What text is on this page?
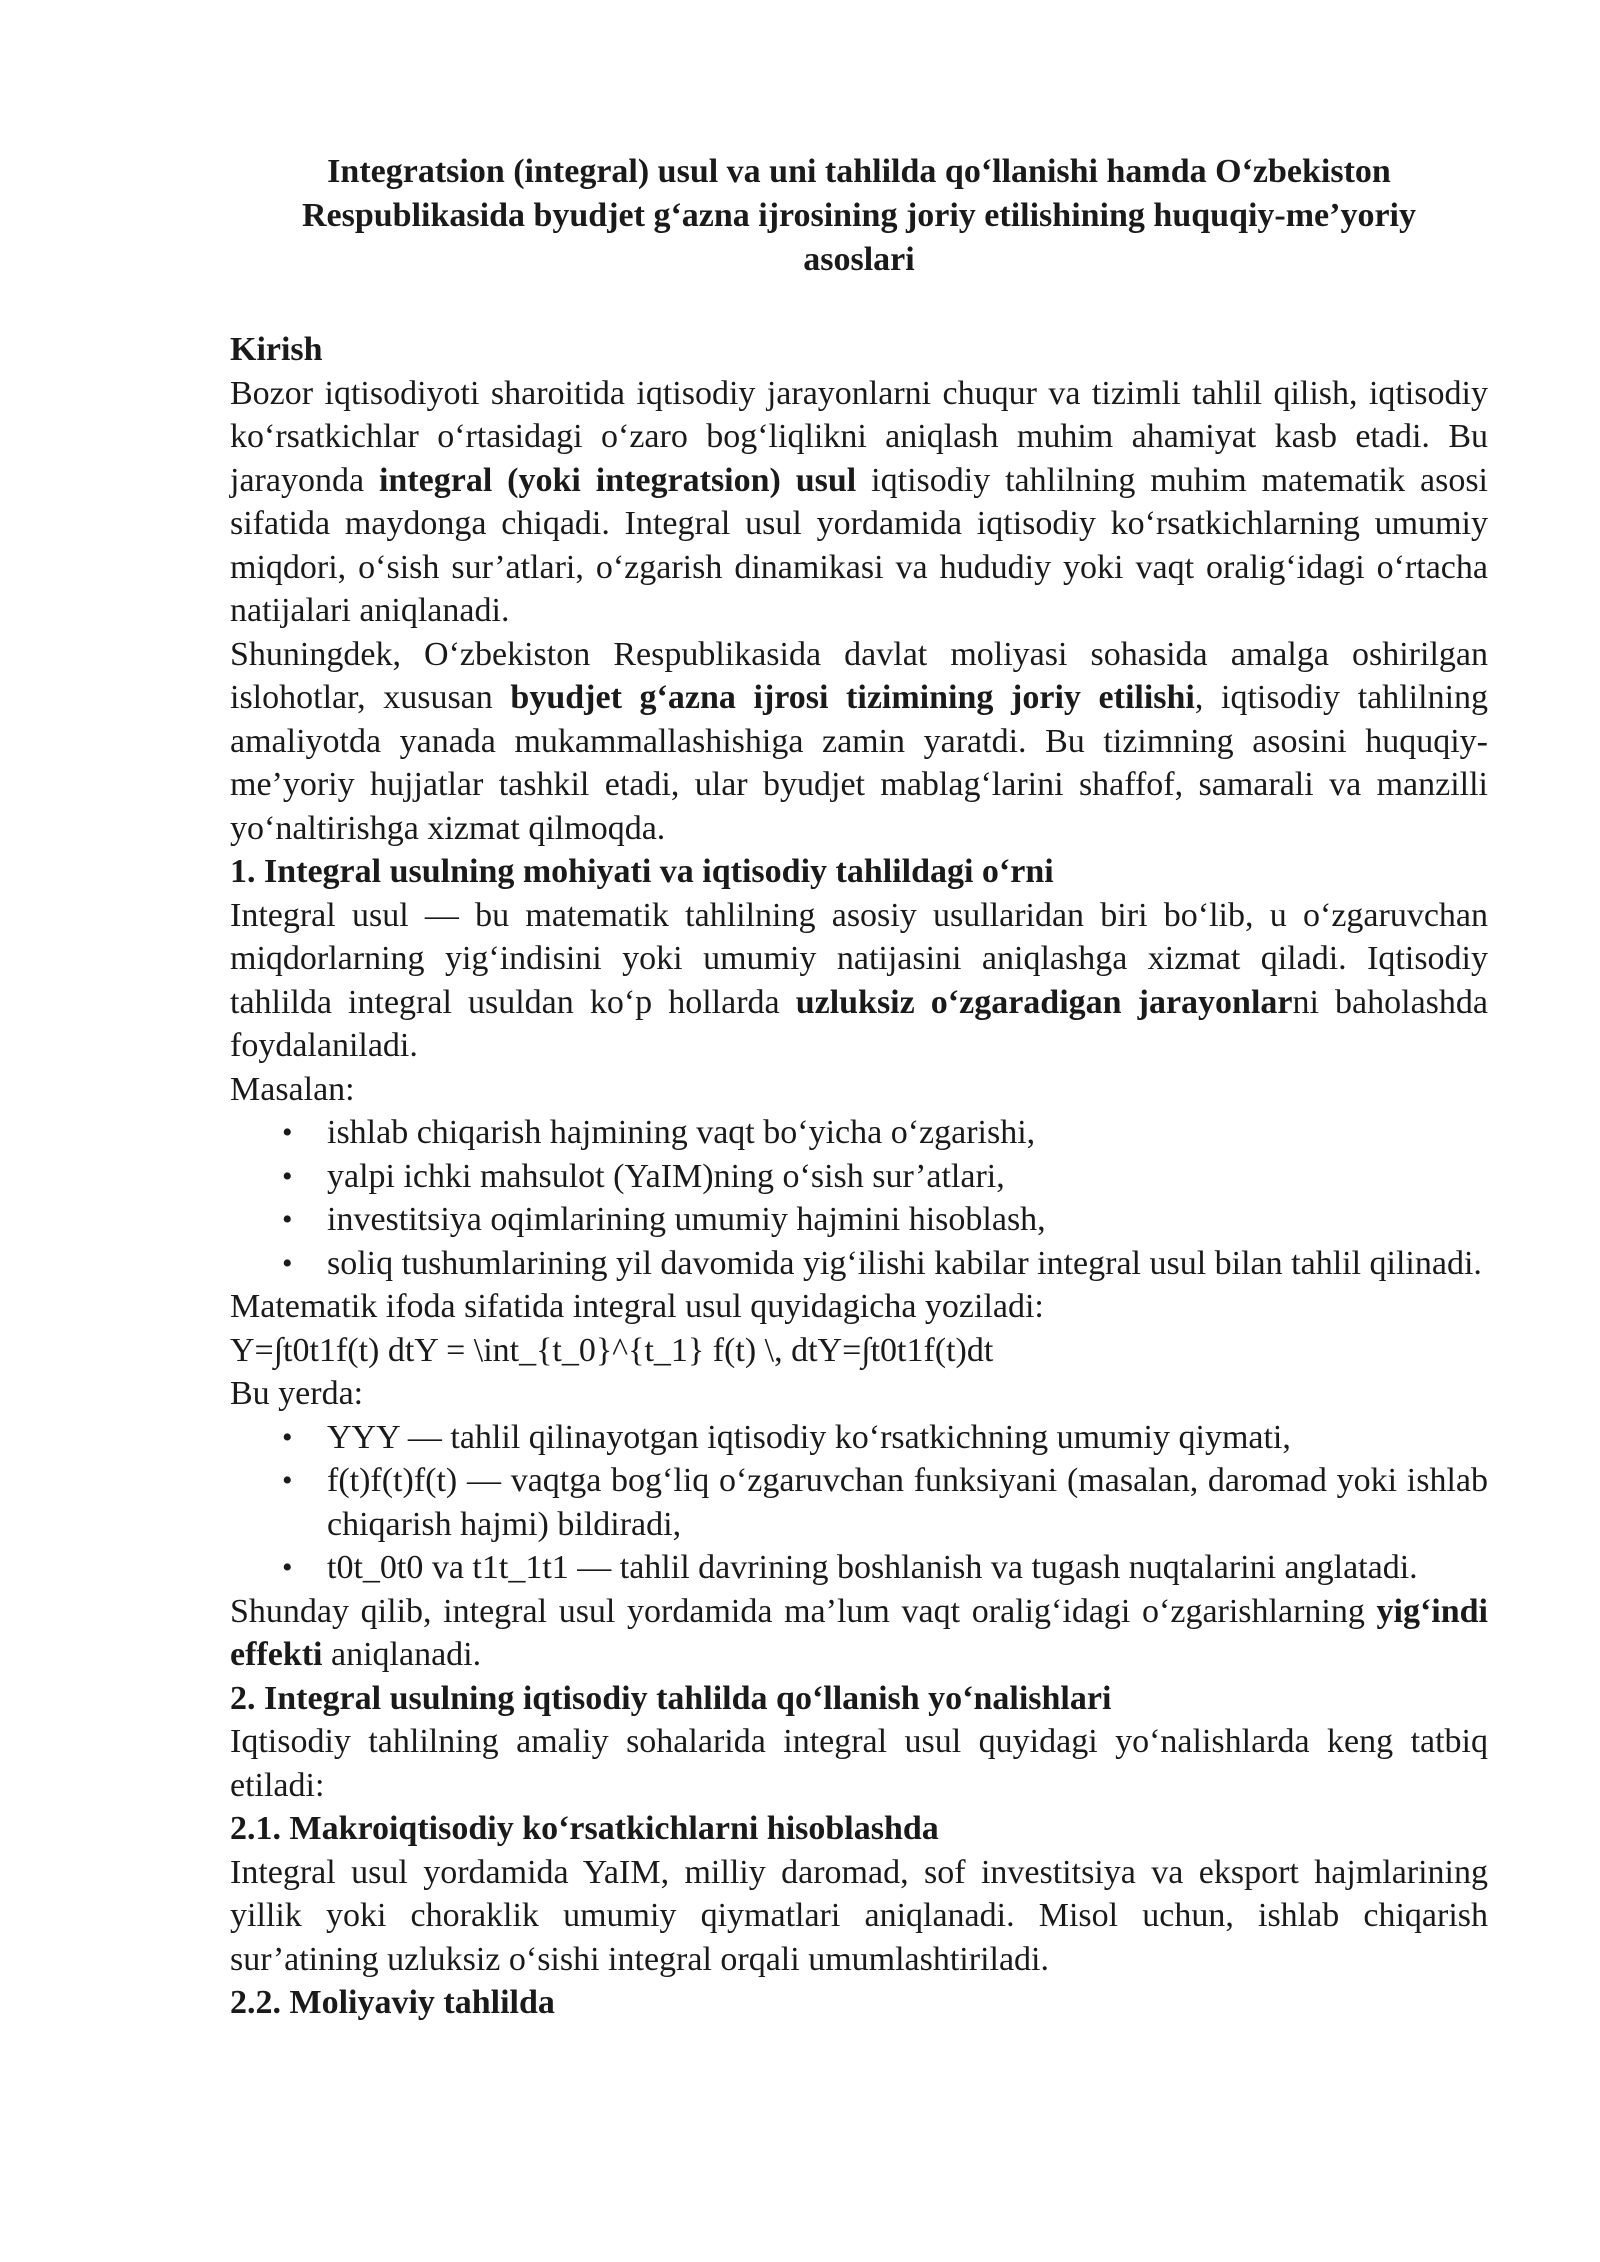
Integratsion (integral) usul va uni tahlilda qo‘llanishi hamda O‘zbekiston
Respublikasida byudjet g‘azna ijrosining joriy etilishining huquqiy-me’yoriy
asoslari

Kirish

Bozor iqtisodiyoti sharoitida iqtisodiy jarayonlarni chuqur va tizimli tahlil qilish, iqtisodiy ko‘rsatkichlar o‘rtasidagi o‘zaro bog‘liqlikni aniqlash muhim ahamiyat kasb etadi. Bu jarayonda integral (yoki integratsion) usul iqtisodiy tahlilning muhim matematik asosi sifatida maydonga chiqadi. Integral usul yordamida iqtisodiy ko‘rsatkichlarning umumiy miqdori, o‘sish sur’atlari, o‘zgarish dinamikasi va hududiy yoki vaqt oralig‘idagi o‘rtacha natijalari aniqlanadi.

Shuningdek, O‘zbekiston Respublikasida davlat moliyasi sohasida amalga oshirilgan islohotlar, xususan byudjet g‘azna ijrosi tizimining joriy etilishi, iqtisodiy tahlilning amaliyotda yanada mukammallashishiga zamin yaratdi. Bu tizimning asosini huquqiy-me’yoriy hujjatlar tashkil etadi, ular byudjet mablag‘larini shaffof, samarali va manzilli yo‘naltirishga xizmat qilmoqda.

1. Integral usulning mohiyati va iqtisodiy tahlildagi o‘rni

Integral usul — bu matematik tahlilning asosiy usullaridan biri bo‘lib, u o‘zgaruvchan miqdorlarning yig‘indisini yoki umumiy natijasini aniqlashga xizmat qiladi. Iqtisodiy tahlilda integral usuldan ko‘p hollarda uzluksiz o‘zgaradigan jarayonlarni baholashda foydalaniladi.

Masalan:

• ishlab chiqarish hajmining vaqt bo‘yicha o‘zgarishi,
• yalpi ichki mahsulot (YaIM)ning o‘sish sur’atlari,
• investitsiya oqimlarining umumiy hajmini hisoblash,
• soliq tushumlarining yil davomida yig‘ilishi kabilar integral usul bilan tahlil qilinadi.

Matematik ifoda sifatida integral usul quyidagicha yoziladi:

Y=∫t0t1f(t) dtY = \int_{t_0}^{t_1} f(t) \, dtY=∫t0t1f(t)dt

Bu yerda:

• YYY — tahlil qilinayotgan iqtisodiy ko‘rsatkichning umumiy qiymati,
• f(t)f(t)f(t) — vaqtga bog‘liq o‘zgaruvchan funksiyani (masalan, daromad yoki ishlab chiqarish hajmi) bildiradi,
• t0t_0t0 va t1t_1t1 — tahlil davrining boshlanish va tugash nuqtalarini anglatadi.

Shunday qilib, integral usul yordamida ma’lum vaqt oralig‘idagi o‘zgarishlarning yig‘indi effekti aniqlanadi.

2. Integral usulning iqtisodiy tahlilda qo‘llanish yo‘nalishlari

Iqtisodiy tahlilning amaliy sohalarida integral usul quyidagi yo‘nalishlarda keng tatbiq etiladi:

2.1. Makroiqtisodiy ko‘rsatkichlarni hisoblashda

Integral usul yordamida YaIM, milliy daromad, sof investitsiya va eksport hajmlarining yillik yoki choraklik umumiy qiymatlari aniqlanadi. Misol uchun, ishlab chiqarish sur’atining uzluksiz o‘sishi integral orqali umumlashtiriladi.

2.2. Moliyaviy tahlilda
